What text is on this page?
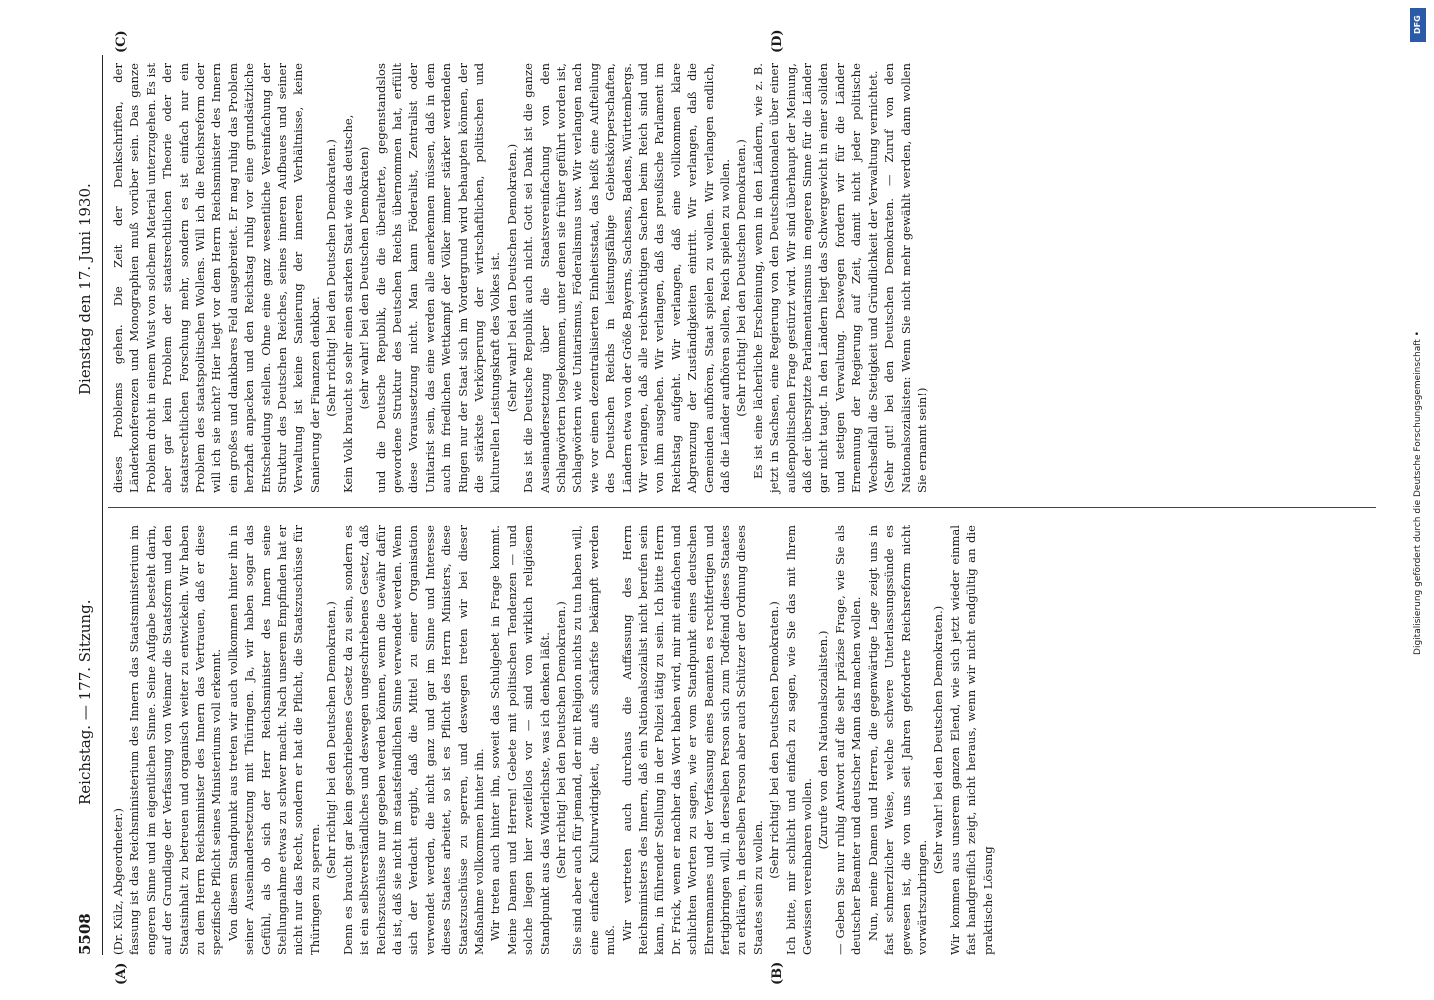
5508
Reichstag. — 177. Sitzung.
Dienstag den 17. Juni 1930.

(Dr. Külz, Abgeordneter.) fassung ist das Reichsministerium des Innern das Staatsministerium im engeren Sinne und im eigentlichen Sinne. Seine Aufgabe besteht darin, auf der Grundlage der Verfassung von Weimar die Staatsform und den Staatsinhalt zu betreuen und organisch weiter zu entwickeln. Wir haben zu dem Herrn Reichsminister des Innern das Vertrauen, daß er diese spezifische Pflicht seines Ministeriums voll erkennt. Von diesem Standpunkt aus treten wir auch vollkommen hinter ihn in seiner Auseinandersetzung mit Thüringen. Ja, wir haben sogar das Gefühl, als ob sich der Herr Reichsminister des Innern seine Stellungnahme etwas zu schwer macht. Nach unserem Empfinden hat er nicht nur das Recht, sondern er hat die Pflicht, die Staatszuschüsse für Thüringen zu sperren.

(Sehr richtig! bei den Deutschen Demokraten.) Denn es braucht gar kein geschriebenes Gesetz da zu sein, sondern es ist ein selbstverständliches und deswegen ungeschriebenes Gesetz, daß Reichszuschüsse nur gegeben werden können, wenn die Gewähr dafür da ist, daß sie nicht im staatsfeindlichen Sinne verwendet werden. Wenn sich der Verdacht ergibt, daß die Mittel zu einer Organisation verwendet werden, die nicht ganz und gar im Sinne und Interesse dieses Staates arbeitet, so ist es Pflicht des Herrn Ministers, diese Staatszuschüsse zu sperren, und deswegen treten wir bei dieser Maßnahme vollkommen hinter ihn. Wir treten auch hinter ihn, soweit das Schulgebet in Frage kommt. Meine Damen und Herren! Gebete mit politischen Tendenzen — und solche liegen hier zweifellos vor — sind von wirklich religiösem Standpunkt aus das Widerlichste, was ich denken läßt. (Sehr richtig! bei den Deutschen Demokraten.) Sie sind aber auch für jemand, der mit Religion nichts zu tun haben will, eine einfache Kulturwidrigkeit, die aufs schärfste bekämpft werden muß. Wir vertreten auch durchaus die Auffassung des Herrn Reichsministers des Innern, daß ein Nationalsozialist nicht berufen sein kann, in führender Stellung in der Polizei tätig zu sein. Ich bitte Herrn Dr. Frick, wenn er nachher das Wort haben wird, mir mit einfachen und schlichten Worten zu sagen, wie er vom Standpunkt eines deutschen Ehrenmannes und der Verfassung eines Beamten es rechtfertigen und fertigbringen will, in derselben Person sich zum Todfeind dieses Staates zu erklären, in derselben Person aber auch Schützer der Ordnung dieses Staates sein zu wollen.

(Sehr richtig! bei den Deutschen Demokraten.) Ich bitte, mir schlicht und einfach zu sagen, wie Sie das mit Ihrem Gewissen vereinbaren wollen.

(Zurufe von den Nationalsozialisten.) — Geben Sie nur ruhig Antwort auf die sehr präzise Frage, wie Sie als deutscher Beamter und deutscher Mann das machen wollen. Nun, meine Damen und Herren, die gegenwärtige Lage zeigt uns in fast schmerzlicher Weise, welche schwere Unterlassungssünde es gewesen ist, die von uns seit Jahren geforderte Reichsreform nicht vorwärtszubringen.

(Sehr wahr! bei den Deutschen Demokraten.) Wir kommen aus unserem ganzen Elend, wie sich jetzt wieder einmal fast handgreiflich zeigt, nicht heraus, wenn wir nicht endgültig an die praktische Lösung

dieses Problems gehen. Die Zeit der Denkschriften, der Länderkonferenzen und Monographien muß vorüber sein. Das ganze Problem droht in einem Wust von solchem Material unterzugehen. Es ist aber gar kein Problem der staatsrechtlichen Theorie oder der staatsrechtlichen Forschung mehr, sondern es ist einfach nur ein Problem des staatspolitischen Wollens. Will ich die Reichsreform oder will ich sie nicht? Hier liegt vor dem Herrn Reichsminister des Innern ein großes und dankbares Feld ausgebreitet. Er mag ruhig das Problem herzhaft anpacken und den Reichstag ruhig vor eine grundsätzliche Entscheidung stellen. Ohne eine ganz wesentliche Vereinfachung der Struktur des Deutschen Reiches, seines inneren Aufbaues und seiner Verwaltung ist keine Sanierung der inneren Verhältnisse, keine Sanierung der Finanzen denkbar. (Sehr richtig! bei den Deutschen Demokraten.) Kein Volk braucht so sehr einen starken Staat wie das deutsche, (sehr wahr! bei den Deutschen Demokraten) und die Deutsche Republik, die die überalterte, gegenstandslos gewordene Struktur des Deutschen Reichs übernommen hat, erfüllt diese Voraussetzung nicht. Man kann Föderalist, Zentralist oder Unitarist sein, das eine werden alle anerkennen müssen, daß in dem auch im friedlichen Wettkampf der Völker immer stärker werdenden Ringen nur der Staat sich im Vordergrund wird behaupten können, der die stärkste Verkörperung der wirtschaftlichen, politischen und kulturellen Leistungskraft des Volkes ist. (Sehr wahr! bei den Deutschen Demokraten.) Das ist die Deutsche Republik auch nicht. Gott sei Dank ist die ganze Auseinandersetzung über die Staatsvereinfachung von den Schlagwörtern losgekommen, unter denen sie früher geführt worden ist, Schlagwörtern wie Unitarismus, Föderalismus usw. Wir verlangen nach wie vor einen dezentralisierten Einheitsstaat, das heißt eine Aufteilung des Deutschen Reichs in leistungsfähige Gebietskörperschaften, Ländern etwa von der Größe Bayerns, Sachsens, Badens, Württembergs. Wir verlangen, daß alle reichswichtigen Sachen beim Reich sind und von ihm ausgehen. Wir verlangen, daß das preußische Parlament im Reichstag aufgeht. Wir verlangen, daß eine vollkommen klare Abgrenzung der Zuständigkeiten eintritt. Wir verlangen, daß die Gemeinden aufhören, Staat spielen zu wollen. Wir verlangen endlich, daß die Länder aufhören sollen, Reich spielen zu wollen. (Sehr richtig! bei den Deutschen Demokraten.) Es ist eine lächerliche Erscheinung, wenn in den Ländern, wie z. B. jetzt in Sachsen, eine Regierung von den Deutschnationalen über einer außenpolitischen Frage gestürzt wird. Wir sind überhaupt der Meinung, daß der überspitzte Parlamentarismus im engeren Sinne für die Länder gar nicht taugt. In den Ländern liegt das Schwergewicht in einer soliden und stetigen Verwaltung. Deswegen fordern wir für die Länder Ernennung der Regierung auf Zeit, damit nicht jeder politische Wechselfall die Stetigkeit und Gründlichkeit der Verwaltung vernichtet. (Sehr gut! bei den Deutschen Demokraten. — Zuruf von den Nationalsozialisten: Wenn Sie nicht mehr gewählt werden, dann wollen Sie ernannt sein!)

(A)	(B)
(C)	(D)
Digitalisierung gefördert durch die Deutsche Forschungsgemeinschaft •
DFG
